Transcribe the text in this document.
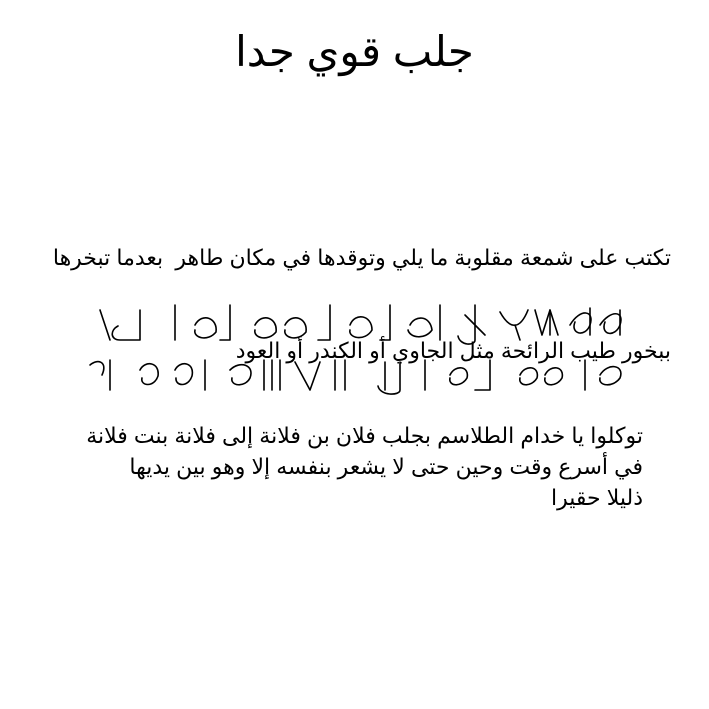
جلب قوي جدا

تكتب على شمعة مقلوبة ما يلي وتوقدها في مكان طاهر  بعدما تبخرها

ببخور طيب الرائحة مثل الجاوي أو الكندر أو العود

توكلوا يا خدام الطلاسم بجلب فلان بن فلانة إلى فلانة بنت فلانة
في أسرع وقت وحين حتى لا يشعر بنفسه إلا وهو بين يديها
ذليلا حقيرا
